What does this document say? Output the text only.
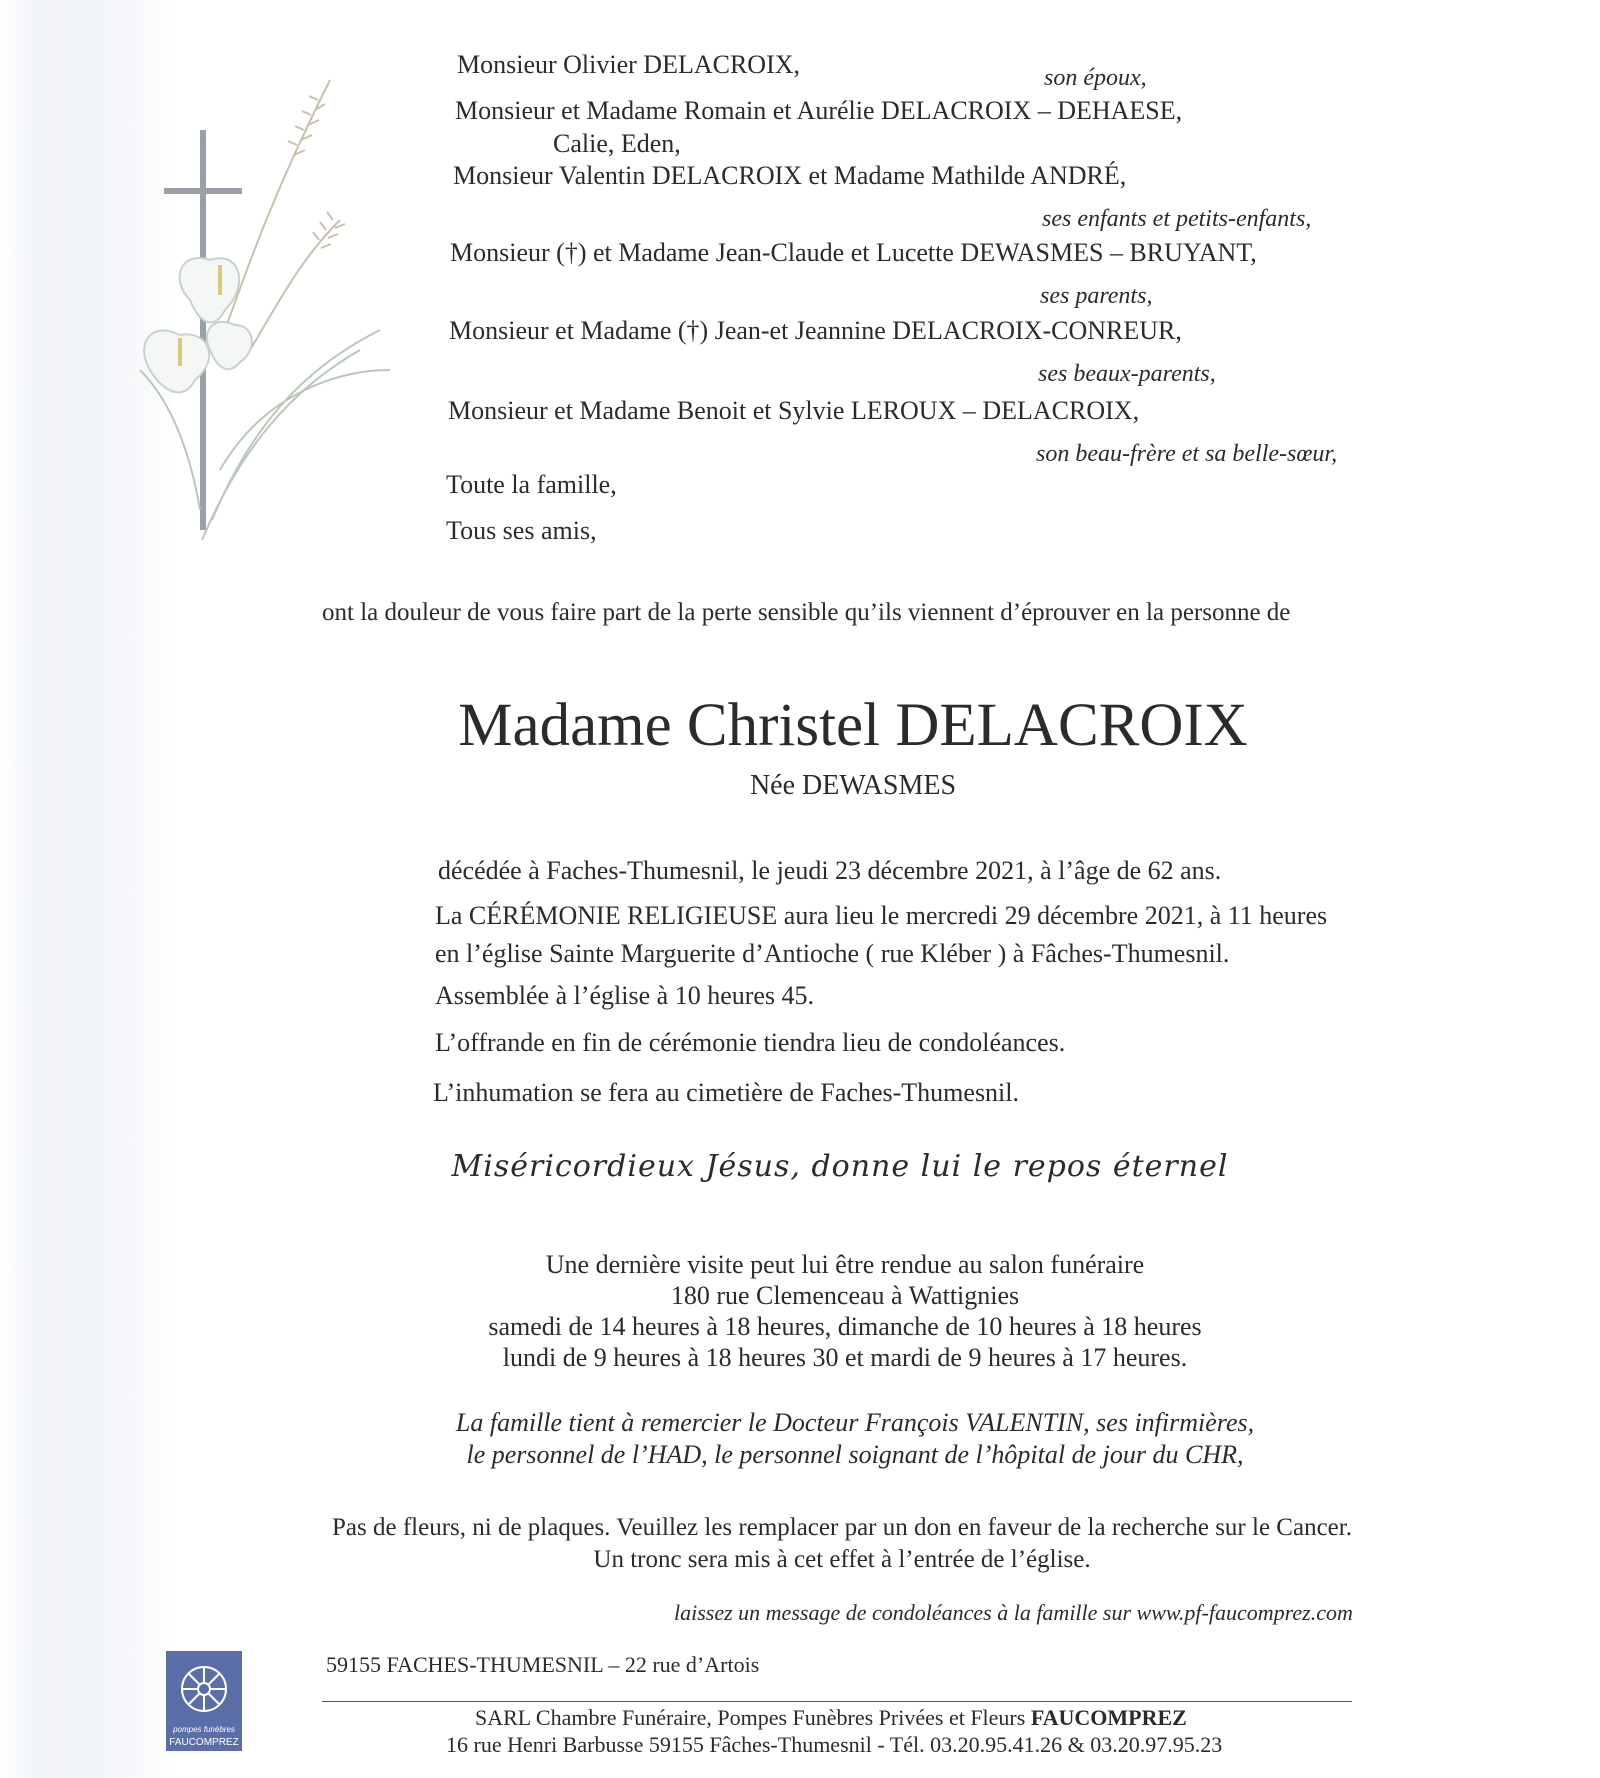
Monsieur Olivier DELACROIX,	son époux,
Monsieur et Madame Romain et Aurélie DELACROIX – DEHAESE,
Calie, Eden,
Monsieur Valentin DELACROIX et Madame Mathilde ANDRÉ,
ses enfants et petits-enfants,
Monsieur (†) et Madame Jean-Claude et Lucette DEWASMES – BRUYANT,
ses parents,
Monsieur et Madame (†) Jean-et Jeannine DELACROIX-CONREUR,
ses beaux-parents,
Monsieur et Madame Benoit et Sylvie LEROUX – DELACROIX,
son beau-frère et sa belle-sœur,
Toute la famille,
Tous ses amis,
ont la douleur de vous faire part de la perte sensible qu’ils viennent d’éprouver en la personne de
Madame Christel DELACROIX
Née DEWASMES
décédée à Faches-Thumesnil, le jeudi 23 décembre 2021, à l’âge de 62 ans.
La CÉRÉMONIE RELIGIEUSE aura lieu le mercredi 29 décembre 2021, à 11 heures
en l’église Sainte Marguerite d’Antioche ( rue Kléber ) à Fâches-Thumesnil.
Assemblée à l’église à 10 heures 45.
L’offrande en fin de cérémonie tiendra lieu de condoléances.
L’inhumation se fera au cimetière de Faches-Thumesnil.
Miséricordieux Jésus, donne lui le repos éternel
Une dernière visite peut lui être rendue au salon funéraire
180 rue Clemenceau à Wattignies
samedi de 14 heures à 18 heures, dimanche de 10 heures à 18 heures
lundi de 9 heures à 18 heures 30 et mardi de 9 heures à 17 heures.
La famille tient à remercier le Docteur François VALENTIN, ses infirmières,
le personnel de l’HAD, le personnel soignant de l’hôpital de jour du CHR,
Pas de fleurs, ni de plaques. Veuillez les remplacer par un don en faveur de la recherche sur le Cancer.
Un tronc sera mis à cet effet à l’entrée de l’église.
laissez un message de condoléances à la famille sur www.pf-faucomprez.com
pompes funèbres
FAUCOMPREZ
59155 FACHES-THUMESNIL – 22 rue d’Artois
SARL Chambre Funéraire, Pompes Funèbres Privées et Fleurs FAUCOMPREZ
16 rue Henri Barbusse 59155 Fâches-Thumesnil - Tél. 03.20.95.41.26 & 03.20.97.95.23
